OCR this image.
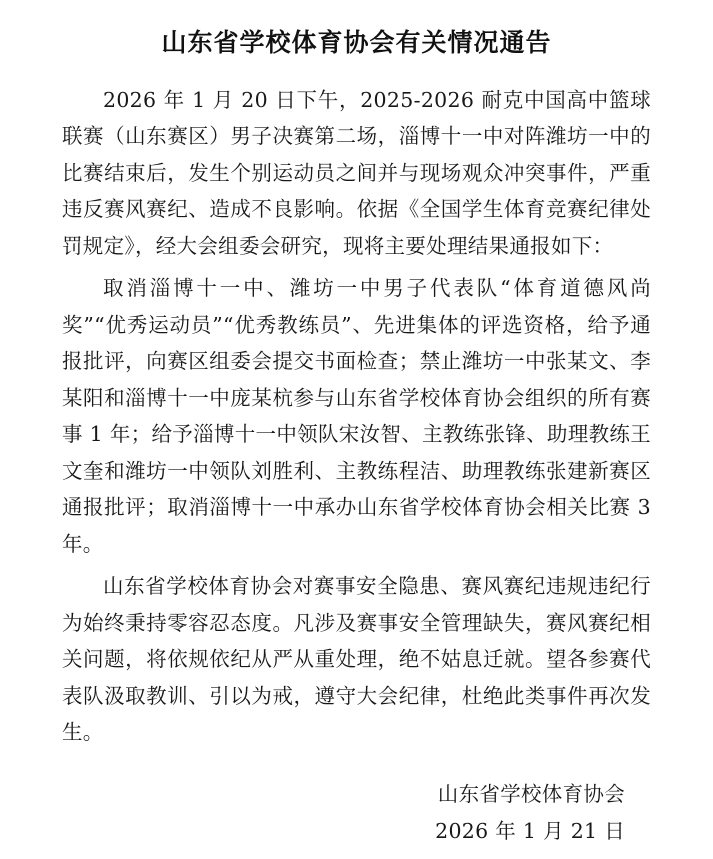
山东省学校体育协会有关情况通告

2026 年 1 月 20 日下午，2025-2026 耐克中国高中篮球联赛（山东赛区）男子决赛第二场，淄博十一中对阵潍坊一中的比赛结束后，发生个别运动员之间并与现场观众冲突事件，严重违反赛风赛纪、造成不良影响。依据《全国学生体育竞赛纪律处罚规定》，经大会组委会研究，现将主要处理结果通报如下：

取消淄博十一中、潍坊一中男子代表队“体育道德风尚奖”“优秀运动员”“优秀教练员”、先进集体的评选资格，给予通报批评，向赛区组委会提交书面检查；禁止潍坊一中张某文、李某阳和淄博十一中庞某杭参与山东省学校体育协会组织的所有赛事 1 年；给予淄博十一中领队宋汝智、主教练张锋、助理教练王文奎和潍坊一中领队刘胜利、主教练程洁、助理教练张建新赛区通报批评；取消淄博十一中承办山东省学校体育协会相关比赛 3 年。

山东省学校体育协会对赛事安全隐患、赛风赛纪违规违纪行为始终秉持零容忍态度。凡涉及赛事安全管理缺失，赛风赛纪相关问题，将依规依纪从严从重处理，绝不姑息迁就。望各参赛代表队汲取教训、引以为戒，遵守大会纪律，杜绝此类事件再次发生。

山东省学校体育协会
2026 年 1 月 21 日
